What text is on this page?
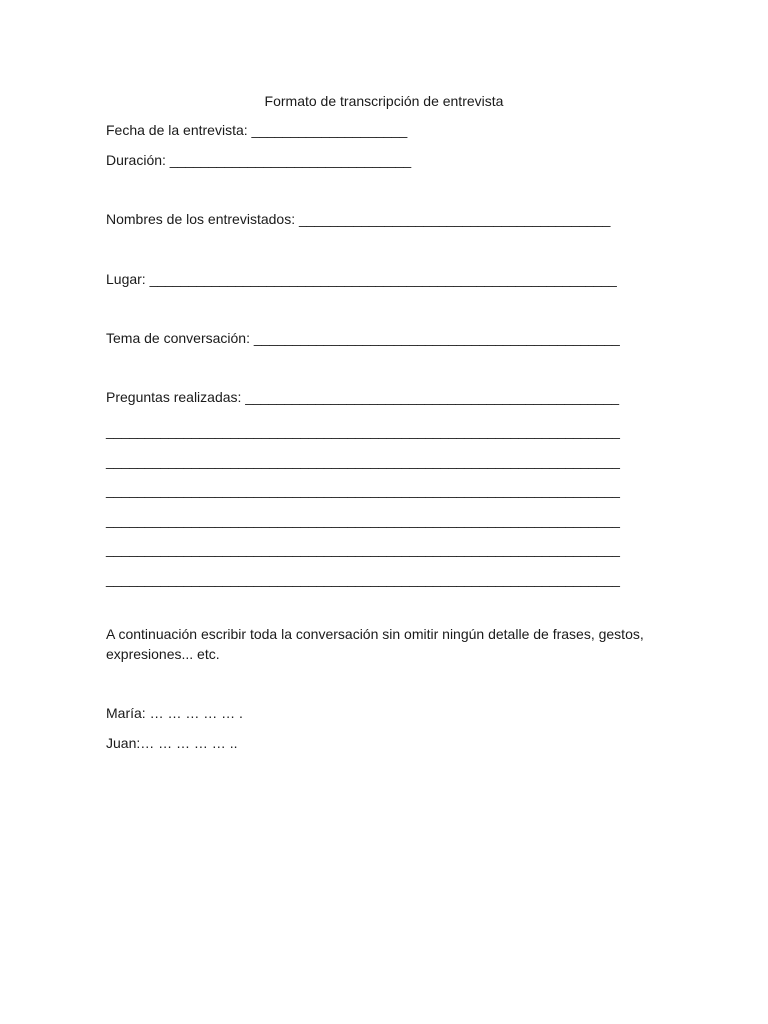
Formato de transcripción de entrevista
Fecha de la entrevista: ____________________
Duración: _______________________________
Nombres de los entrevistados: ________________________________________
Lugar: ____________________________________________________________
Tema de conversación: _______________________________________________
Preguntas realizadas: ________________________________________________
__________________________________________________________________
__________________________________________________________________
__________________________________________________________________
__________________________________________________________________
__________________________________________________________________
__________________________________________________________________
A continuación escribir toda la conversación sin omitir ningún detalle de frases, gestos, expresiones... etc.
María: … … … … … .
Juan:… … … … … ..
